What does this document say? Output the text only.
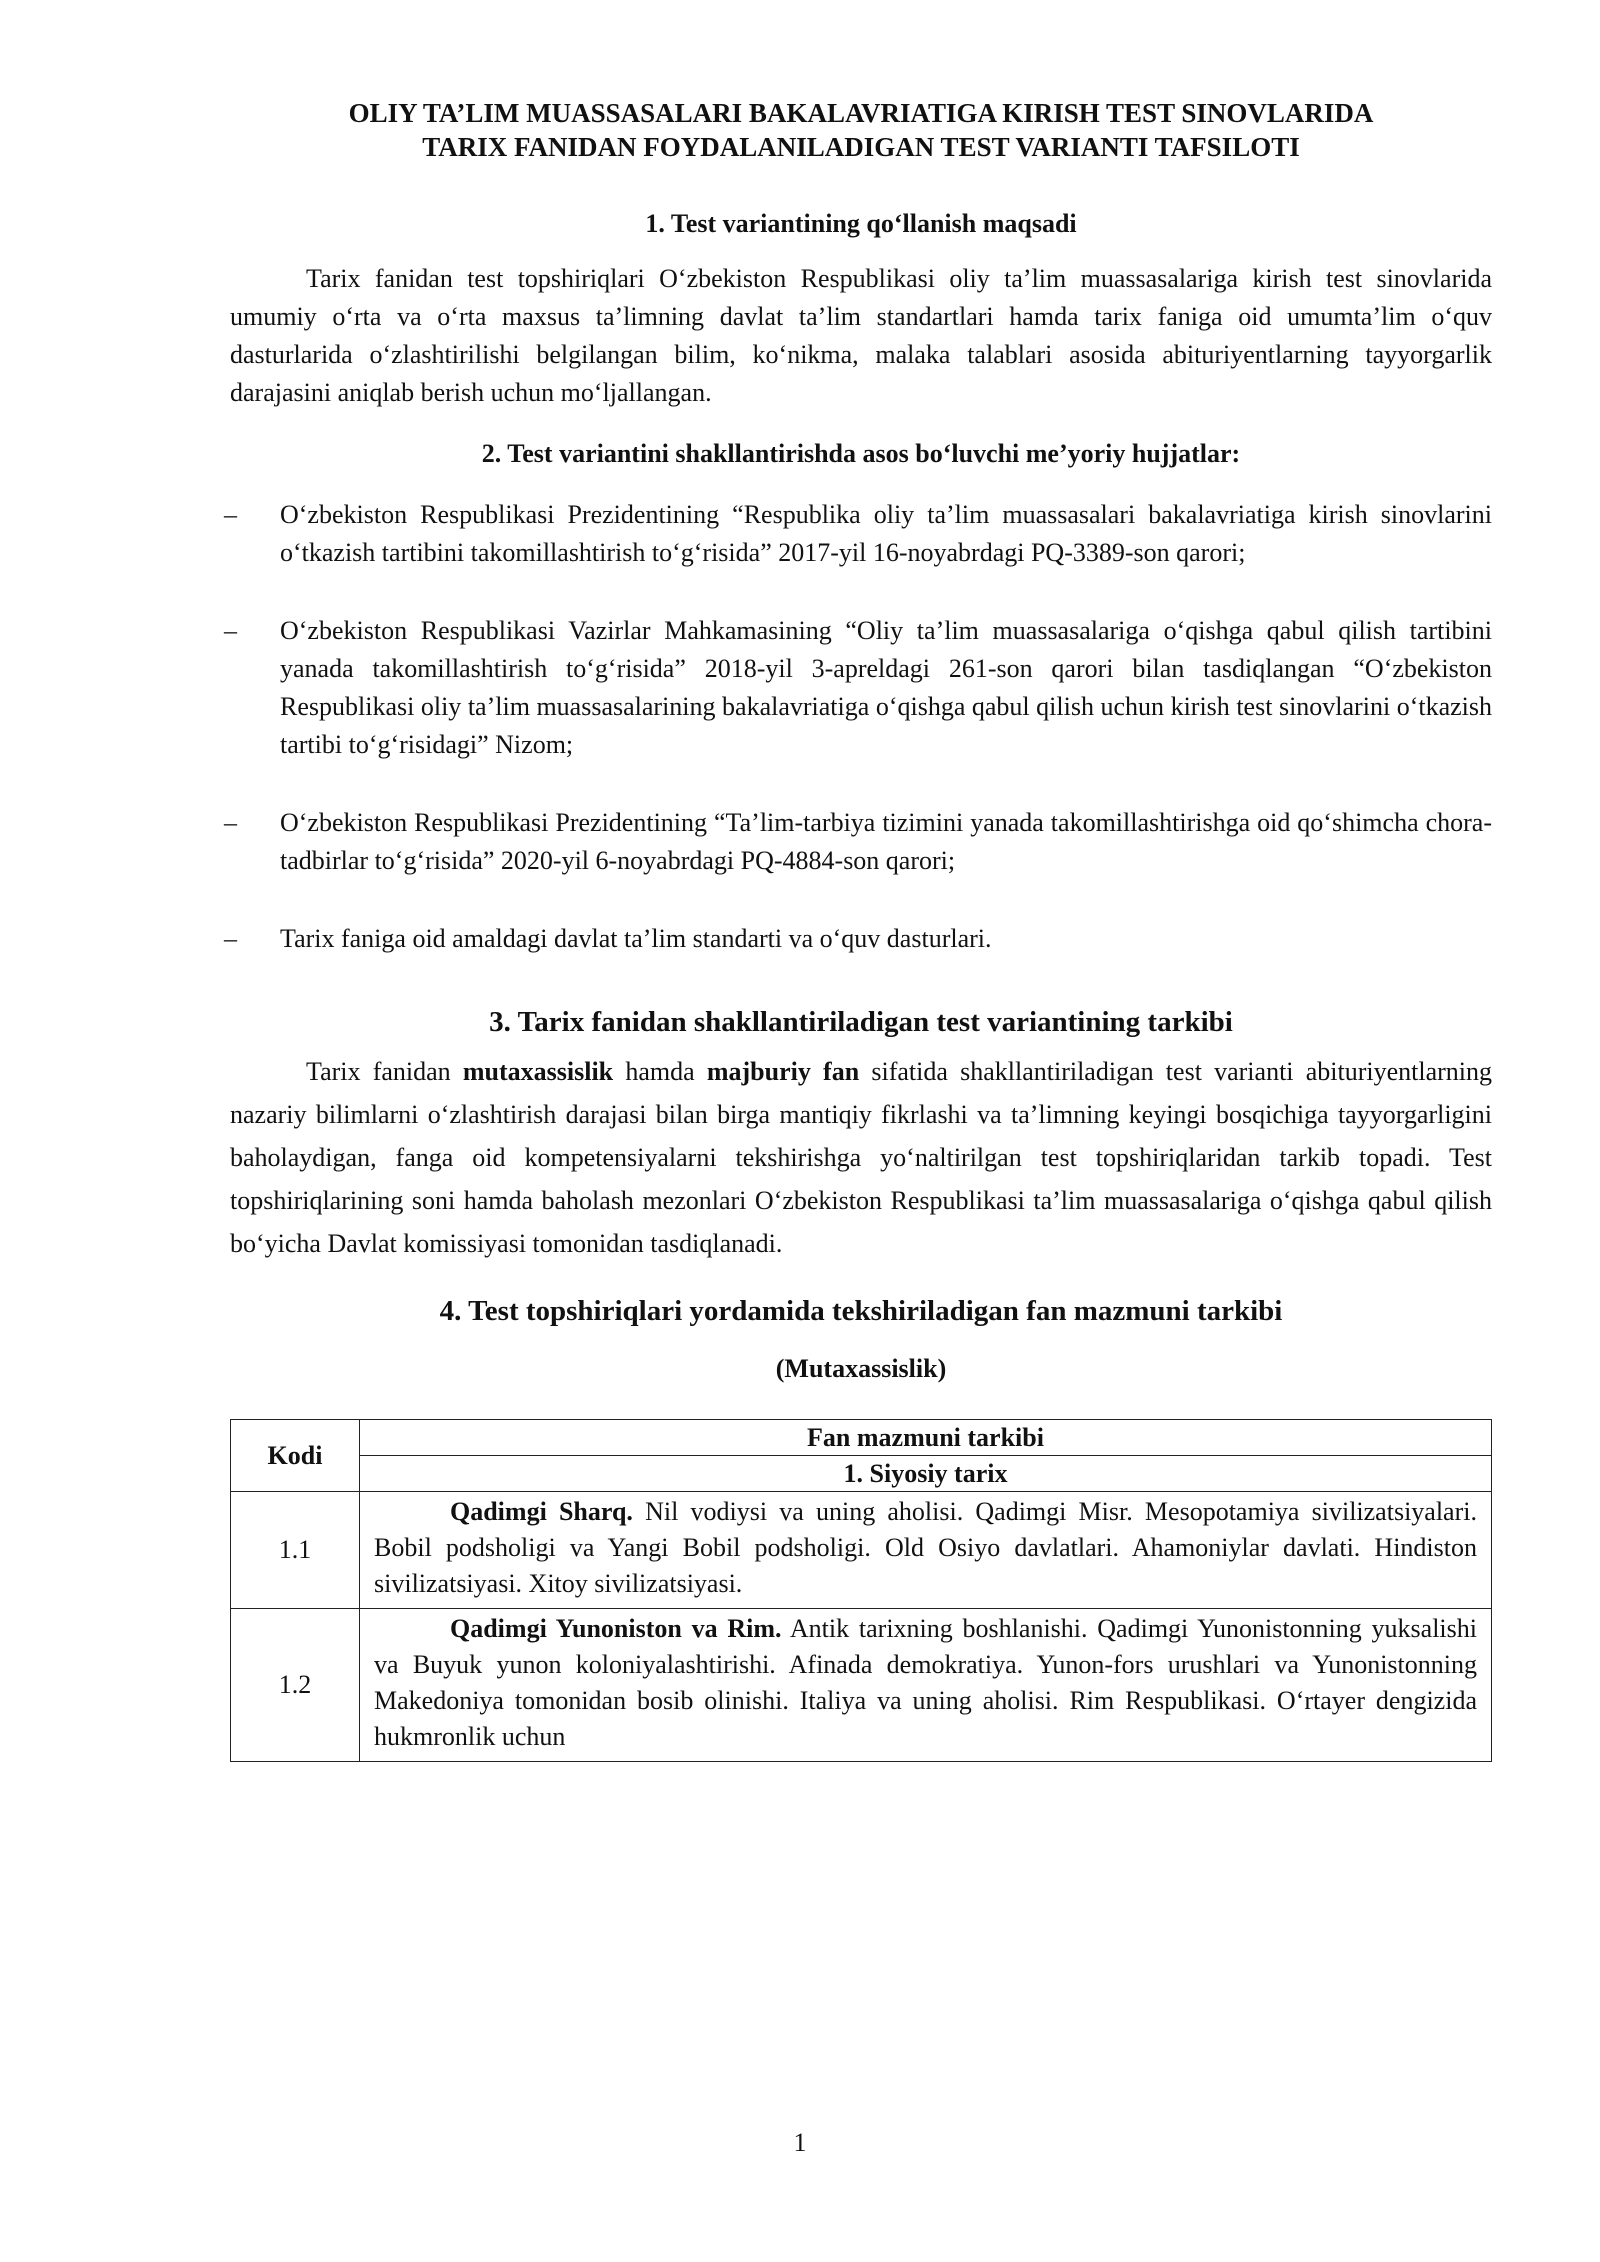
OLIY TA’LIM MUASSASALARI BAKALAVRIATIGA KIRISH TEST SINOVLARIDA

TARIX FANIDAN FOYDALANILADIGAN TEST VARIANTI TAFSILOTI

1. Test variantining qo‘llanish maqsadi

Tarix fanidan test topshiriqlari O‘zbekiston Respublikasi oliy ta’lim muassasalariga kirish test sinovlarida umumiy o‘rta va o‘rta maxsus ta’limning davlat ta’lim standartlari hamda tarix faniga oid umumta’lim o‘quv dasturlarida o‘zlashtirilishi belgilangan bilim, ko‘nikma, malaka talablari asosida abituriyentlarning tayyorgarlik darajasini aniqlab berish uchun mo‘ljallangan.

2. Test variantini shakllantirishda asos bo‘luvchi me’yoriy hujjatlar:
–	O‘zbekiston Respublikasi Prezidentining “Respublika oliy ta’lim muassasalari bakalavriatiga kirish sinovlarini o‘tkazish tartibini takomillashtirish to‘g‘risida” 2017-yil 16-noyabrdagi PQ-3389-son qarori;
–	O‘zbekiston Respublikasi Vazirlar Mahkamasining “Oliy ta’lim muassasalariga o‘qishga qabul qilish tartibini yanada takomillashtirish to‘g‘risida” 2018-yil 3-apreldagi 261-son qarori bilan tasdiqlangan “O‘zbekiston Respublikasi oliy ta’lim muassasalarining bakalavriatiga o‘qishga qabul qilish uchun kirish test sinovlarini o‘tkazish tartibi to‘g‘risidagi” Nizom;
–	O‘zbekiston Respublikasi Prezidentining “Ta’lim-tarbiya tizimini yanada takomillashtirishga oid qo‘shimcha chora-tadbirlar to‘g‘risida” 2020-yil 6-noyabrdagi PQ-4884-son qarori;
–	Tarix faniga oid amaldagi davlat ta’lim standarti va o‘quv dasturlari.
3. Tarix fanidan shakllantiriladigan test variantining tarkibi

Tarix fanidan mutaxassislik hamda majburiy fan sifatida shakllantiriladigan test varianti abituriyentlarning nazariy bilimlarni o‘zlashtirish darajasi bilan birga mantiqiy fikrlashi va ta’limning keyingi bosqichiga tayyorgarligini baholaydigan, fanga oid kompetensiyalarni tekshirishga yo‘naltirilgan test topshiriqlaridan tarkib topadi. Test topshiriqlarining soni hamda baholash mezonlari O‘zbekiston Respublikasi ta’lim muassasalariga o‘qishga qabul qilish bo‘yicha Davlat komissiyasi tomonidan tasdiqlanadi.

4. Test topshiriqlari yordamida tekshiriladigan fan mazmuni tarkibi
(Mutaxassislik)
Kodi	Fan mazmuni tarkibi
	1. Siyosiy tarix
1.1	Qadimgi Sharq. Nil vodiysi va uning aholisi. Qadimgi Misr. Mesopotamiya sivilizatsiyalari. Bobil podsholigi va Yangi Bobil podsholigi. Old Osiyo davlatlari. Ahamoniylar davlati. Hindiston sivilizatsiyasi. Xitoy sivilizatsiyasi.

1.2	Qadimgi Yunoniston va Rim. Antik tarixning boshlanishi. Qadimgi Yunonistonning yuksalishi va Buyuk yunon koloniyalashtirishi. Afinada demokratiya. Yunon-fors urushlari va Yunonistonning Makedoniya tomonidan bosib olinishi. Italiya va uning aholisi. Rim Respublikasi. O‘rtayer dengizida hukmronlik uchun
1
